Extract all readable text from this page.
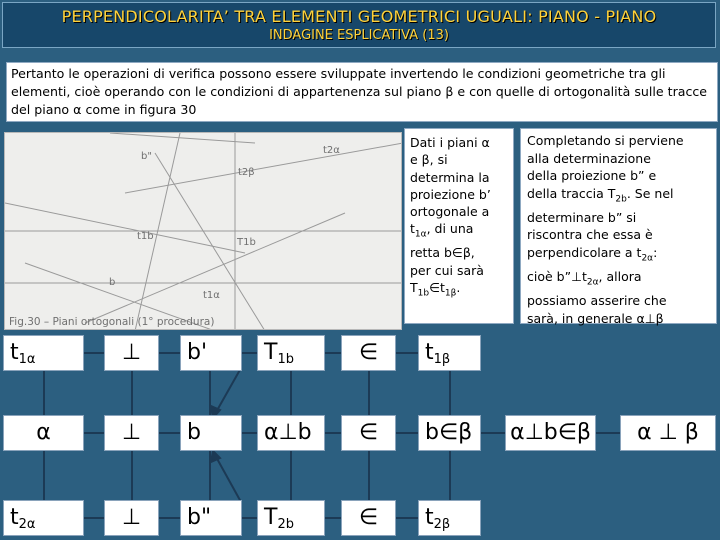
PERPENDICOLARITA’ TRA ELEMENTI GEOMETRICI UGUALI: PIANO - PIANO
INDAGINE ESPLICATIVA (13)
Pertanto le operazioni di verifica possono essere sviluppate invertendo le condizioni geometriche tra gli elementi, cioè operando con le condizioni di appartenenza sul piano β e con quelle di ortogonalità sulle tracce del piano α come in figura 30
t2α
b"
t2β
T1b
t1b
b
t1α
Fig.30 – Piani ortogonali (1° procedura)
Dati i piani α
e β, si
determina la
proiezione b’
ortogonale a
$t_{1\alpha}$, di una
retta b∈β,
per cui sarà
$T_{1b}\in t_{1\beta}$.
Completando si perviene
alla determinazione
della proiezione b” e
della traccia $T_{2b}$. Se nel
determinare b” si
riscontra che essa è
perpendicolare a $t_{2\alpha}$:
cioè $b”\perp t_{2\alpha}$, allora
possiamo asserire che
sarà, in generale α⊥β
$t_{1\alpha}$	⊥	b'	$T_{1b}$	∈	$t_{1\beta}$
α	⊥	b	α⊥b	∈	b∈β	α⊥b∈β	α ⊥ β
$t_{2\alpha}$	⊥	b"	$T_{2b}$	∈	$t_{2\beta}$
